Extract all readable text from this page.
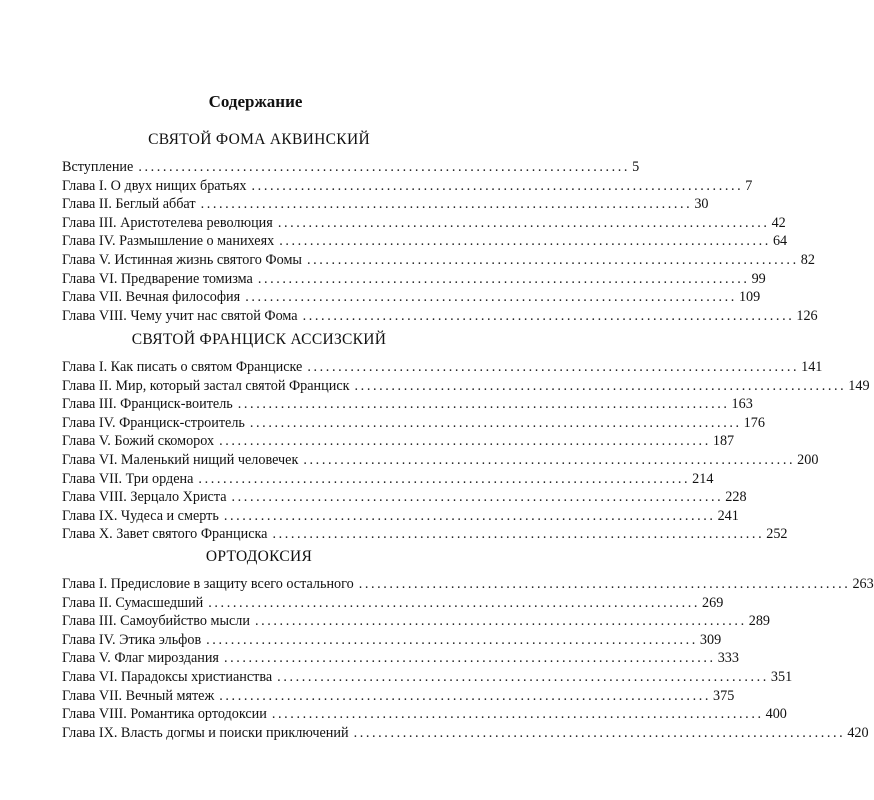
Содержание
СВЯТОЙ ФОМА АКВИНСКИЙ
Вступление ................................................................................ 5
Глава I. О двух нищих братьях ................................................................................ 7
Глава II. Беглый аббат ................................................................................ 30
Глава III. Аристотелева революция ................................................................................ 42
Глава IV. Размышление о манихеях ................................................................................ 64
Глава V. Истинная жизнь святого Фомы ................................................................................ 82
Глава VI. Предварение томизма ................................................................................ 99
Глава VII. Вечная философия ................................................................................ 109
Глава VIII. Чему учит нас святой Фома ................................................................................ 126
СВЯТОЙ ФРАНЦИСК АССИЗСКИЙ
Глава I. Как писать о святом Франциске ................................................................................ 141
Глава II. Мир, который застал святой Франциск ................................................................................ 149
Глава III. Франциск-воитель ................................................................................ 163
Глава IV. Франциск-строитель ................................................................................ 176
Глава V. Божий скоморох ................................................................................ 187
Глава VI. Маленький нищий человечек ................................................................................ 200
Глава VII. Три ордена ................................................................................ 214
Глава VIII. Зерцало Христа ................................................................................ 228
Глава IX. Чудеса и смерть ................................................................................ 241
Глава X. Завет святого Франциска ................................................................................ 252
ОРТОДОКСИЯ
Глава I. Предисловие в защиту всего остального ................................................................................ 263
Глава II. Сумасшедший ................................................................................ 269
Глава III. Самоубийство мысли ................................................................................ 289
Глава IV. Этика эльфов ................................................................................ 309
Глава V. Флаг мироздания ................................................................................ 333
Глава VI. Парадоксы христианства ................................................................................ 351
Глава VII. Вечный мятеж ................................................................................ 375
Глава VIII. Романтика ортодоксии ................................................................................ 400
Глава IX. Власть догмы и поиски приключений ................................................................................ 420
